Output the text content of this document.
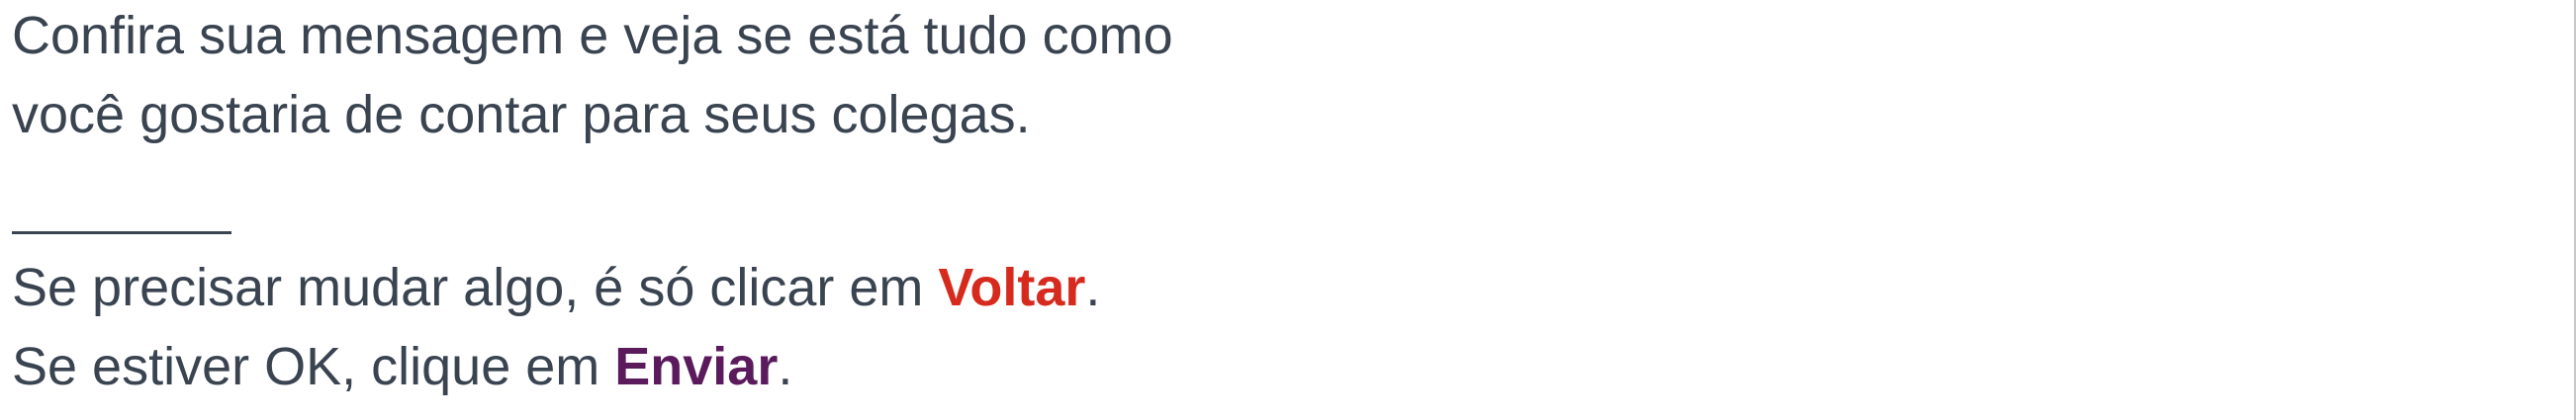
Confira sua mensagem e veja se está tudo como

você gostaria de contar para seus colegas.

Se precisar mudar algo, é só clicar em Voltar.

Se estiver OK, clique em Enviar.
